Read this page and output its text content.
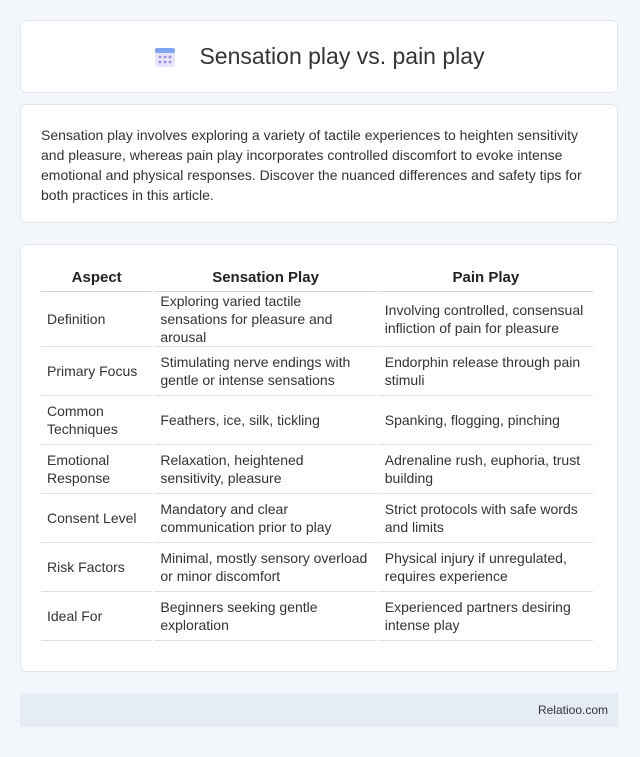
Sensation play vs. pain play

Sensation play involves exploring a variety of tactile experiences to heighten sensitivity and pleasure, whereas pain play incorporates controlled discomfort to evoke intense emotional and physical responses. Discover the nuanced differences and safety tips for both practices in this article.

Aspect	Sensation Play	Pain Play
Definition	Exploring varied tactile sensations for pleasure and arousal	Involving controlled, consensual infliction of pain for pleasure
Primary Focus	Stimulating nerve endings with gentle or intense sensations	Endorphin release through pain stimuli
Common Techniques	Feathers, ice, silk, tickling	Spanking, flogging, pinching
Emotional Response	Relaxation, heightened sensitivity, pleasure	Adrenaline rush, euphoria, trust building
Consent Level	Mandatory and clear communication prior to play	Strict protocols with safe words and limits
Risk Factors	Minimal, mostly sensory overload or minor discomfort	Physical injury if unregulated, requires experience
Ideal For	Beginners seeking gentle exploration	Experienced partners desiring intense play
Relatioo.com
